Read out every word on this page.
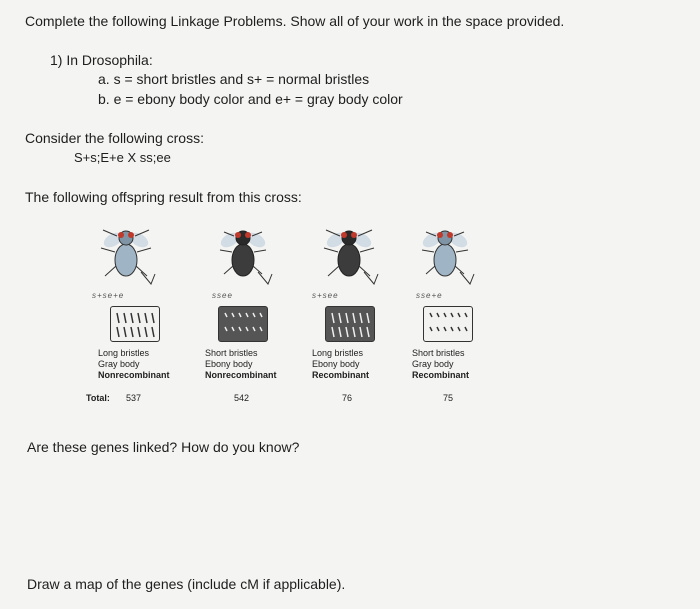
Complete the following Linkage Problems. Show all of your work in the space provided.
1) In Drosophila:
a. s = short bristles and s+ = normal bristles
b. e = ebony body color and e+ = gray body color
Consider the following cross:
S+s;E+e X ss;ee
The following offspring result from this cross:
s+se+e
Long bristles
Gray body
Nonrecombinant
Total: 537
ssee
Short bristles
Ebony body
Nonrecombinant
542
s+see
Long bristles
Ebony body
Recombinant
76
sse+e
Short bristles
Gray body
Recombinant
75
Are these genes linked? How do you know?
Draw a map of the genes (include cM if applicable).
